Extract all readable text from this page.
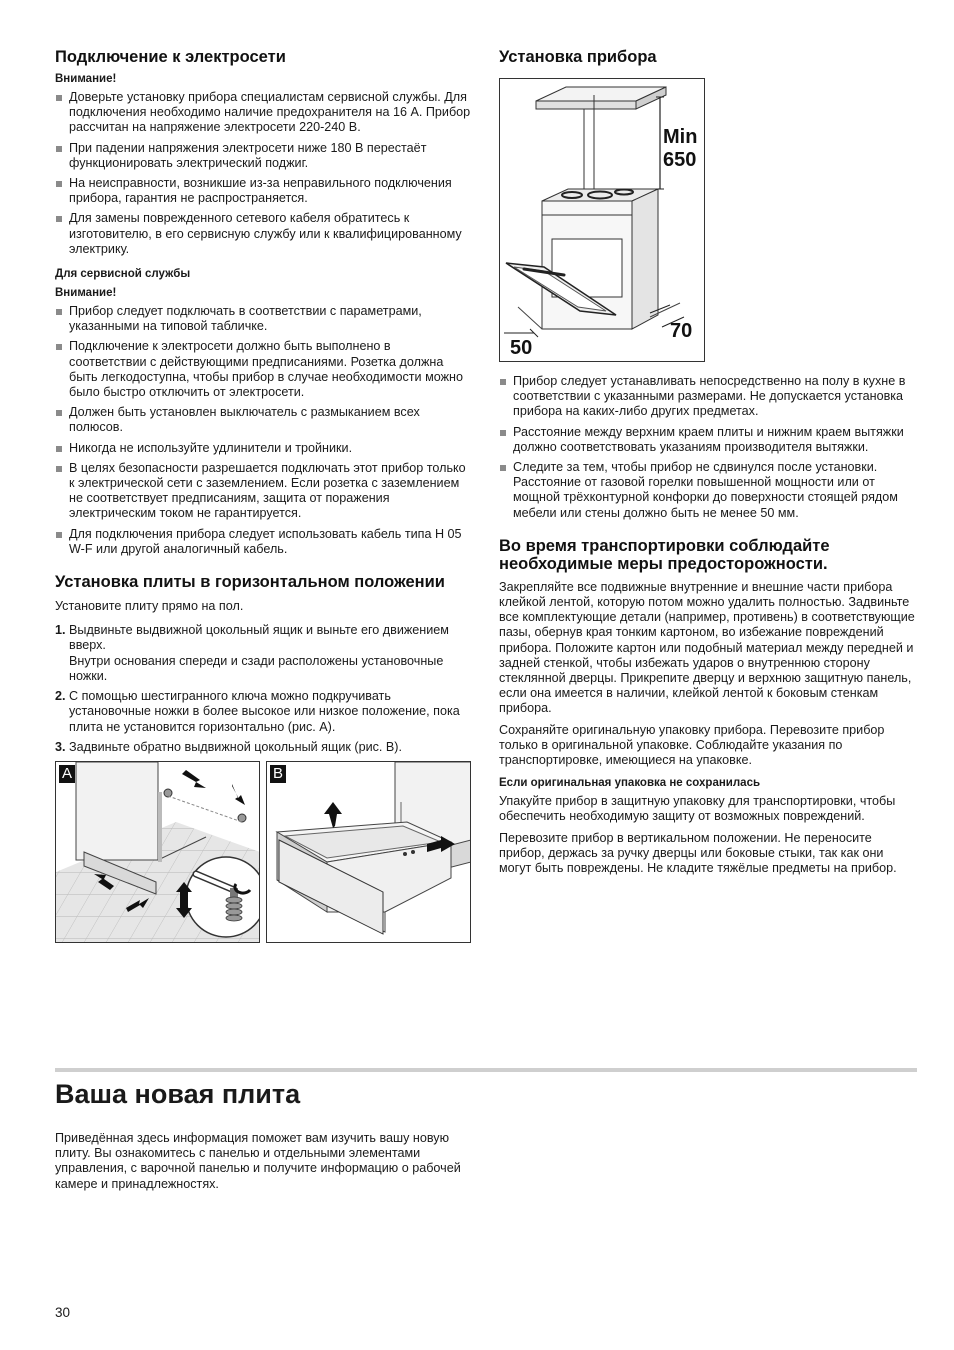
Подключение к электросети
Внимание!
Доверьте установку прибора специалистам сервисной службы. Для подключения необходимо наличие предохранителя на 16 А. Прибор рассчитан на напряжение электросети 220-240 В.
При падении напряжения электросети ниже 180 В перестаёт функционировать электрический поджиг.
На неисправности, возникшие из-за неправильного подключения прибора, гарантия не распространяется.
Для замены поврежденного сетевого кабеля обратитесь к изготовителю, в его сервисную службу или к квалифицированному электрику.
Для сервисной службы
Внимание!
Прибор следует подключать в соответствии с параметрами, указанными на типовой табличке.
Подключение к электросети должно быть выполнено в соответствии с действующими предписаниями. Розетка должна быть легкодоступна, чтобы прибор в случае необходимости можно было быстро отключить от электросети.
Должен быть установлен выключатель с размыканием всех полюсов.
Никогда не используйте удлинители и тройники.
В целях безопасности разрешается подключать этот прибор только к электрической сети с заземлением. Если розетка с заземлением не соответствует предписаниям, защита от поражения электрическим током не гарантируется.
Для подключения прибора следует использовать кабель типа H 05 W-F или другой аналогичный кабель.
Установка плиты в горизонтальном положении

Установите плиту прямо на пол.

1. Выдвиньте выдвижной цокольный ящик и выньте его движением вверх.
Внутри основания спереди и сзади расположены установочные ножки.
2. С помощью шестигранного ключа можно подкручивать установочные ножки в более высокое или низкое положение, пока плита не установится горизонтально (рис. A).
3. Задвиньте обратно выдвижной цокольный ящик (рис. B).
A	B
Установка прибора
Min
650
70
50
Прибор следует устанавливать непосредственно на полу в кухне в соответствии с указанными размерами. Не допускается установка прибора на каких-либо других предметах.
Расстояние между верхним краем плиты и нижним краем вытяжки должно соответствовать указаниям производителя вытяжки.
Следите за тем, чтобы прибор не сдвинулся после установки. Расстояние от газовой горелки повышенной мощности или от мощной трёхконтурной конфорки до поверхности стоящей рядом мебели или стены должно быть не менее 50 мм.
Во время транспортировки соблюдайте необходимые меры предосторожности.

Закрепляйте все подвижные внутренние и внешние части прибора клейкой лентой, которую потом можно удалить полностью. Задвиньте все комплектующие детали (например, противень) в соответствующие пазы, обернув края тонким картоном, во избежание повреждений прибора. Положите картон или подобный материал между передней и задней стенкой, чтобы избежать ударов о внутреннюю сторону стеклянной дверцы. Прикрепите дверцу и верхнюю защитную панель, если она имеется в наличии, клейкой лентой к боковым стенкам прибора.

Сохраняйте оригинальную упаковку прибора. Перевозите прибор только в оригинальной упаковке. Соблюдайте указания по транспортировке, имеющиеся на упаковке.

Если оригинальная упаковка не сохранилась

Упакуйте прибор в защитную упаковку для транспортировки, чтобы обеспечить необходимую защиту от возможных повреждений.

Перевозите прибор в вертикальном положении. Не переносите прибор, держась за ручку дверцы или боковые стыки, так как они могут быть повреждены. Не кладите тяжёлые предметы на прибор.

Ваша новая плита

Приведённая здесь информация поможет вам изучить вашу новую плиту. Вы ознакомитесь с панелью и отдельными элементами управления, с варочной панелью и получите информацию о рабочей камере и принадлежностях.

30
